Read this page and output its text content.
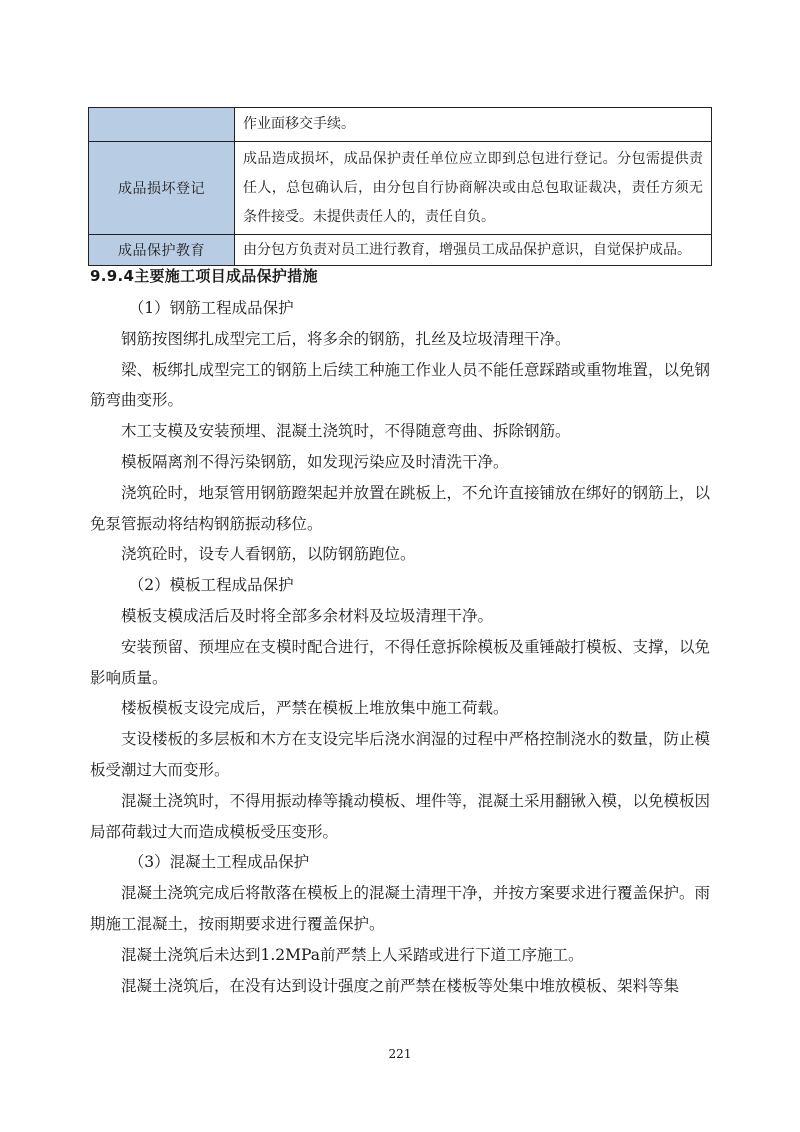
	作业面移交手续。
成品损坏登记	成品造成损坏，成品保护责任单位应立即到总包进行登记。分包需提供责任人，总包确认后，由分包自行协商解决或由总包取证裁决，责任方须无条件接受。未提供责任人的，责任自负。
成品保护教育	由分包方负责对员工进行教育，增强员工成品保护意识，自觉保护成品。
9.9.4主要施工项目成品保护措施

（1）钢筋工程成品保护

钢筋按图绑扎成型完工后，将多余的钢筋，扎丝及垃圾清理干净。

梁、板绑扎成型完工的钢筋上后续工种施工作业人员不能任意踩踏或重物堆置，以免钢筋弯曲变形。

木工支模及安装预埋、混凝土浇筑时，不得随意弯曲、拆除钢筋。

模板隔离剂不得污染钢筋，如发现污染应及时清洗干净。

浇筑砼时，地泵管用钢筋蹬架起并放置在跳板上，不允许直接铺放在绑好的钢筋上，以免泵管振动将结构钢筋振动移位。

浇筑砼时，设专人看钢筋，以防钢筋跑位。

（2）模板工程成品保护

模板支模成活后及时将全部多余材料及垃圾清理干净。

安装预留、预埋应在支模时配合进行，不得任意拆除模板及重锤敲打模板、支撑，以免影响质量。

楼板模板支设完成后，严禁在模板上堆放集中施工荷载。

支设楼板的多层板和木方在支设完毕后浇水润湿的过程中严格控制浇水的数量，防止模板受潮过大而变形。

混凝土浇筑时，不得用振动棒等撬动模板、埋件等，混凝土采用翻锹入模，以免模板因局部荷载过大而造成模板受压变形。

（3）混凝土工程成品保护

混凝土浇筑完成后将散落在模板上的混凝土清理干净，并按方案要求进行覆盖保护。雨期施工混凝土，按雨期要求进行覆盖保护。

混凝土浇筑后未达到1.2MPa前严禁上人采踏或进行下道工序施工。

混凝土浇筑后，在没有达到设计强度之前严禁在楼板等处集中堆放模板、架料等集

221
